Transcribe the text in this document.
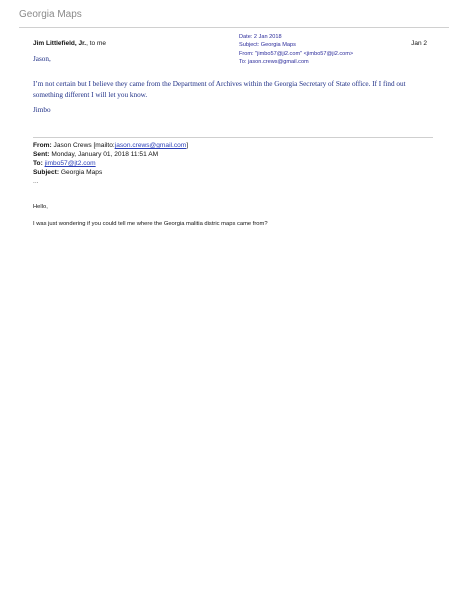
Georgia Maps
Jim Littlefield, Jr., to me	Jan 2
Date: 2 Jan 2018
Subject: Georgia Maps
From: "jimbo57@ji2.com" <jimbo57@ji2.com>
To: jason.crews@gmail.com
Jason,
I’m not certain but I believe they came from the Department of Archives within the Georgia Secretary of State office. If I find out
something different I will let you know.
Jimbo
From: Jason Crews [mailto:jason.crews@gmail.com]
Sent: Monday, January 01, 2018 11:51 AM
To: jimbo57@jt2.com
Subject: Georgia Maps
...
Hello,
I was just wondering if you could tell me where the Georgia malitia distric maps came from?
